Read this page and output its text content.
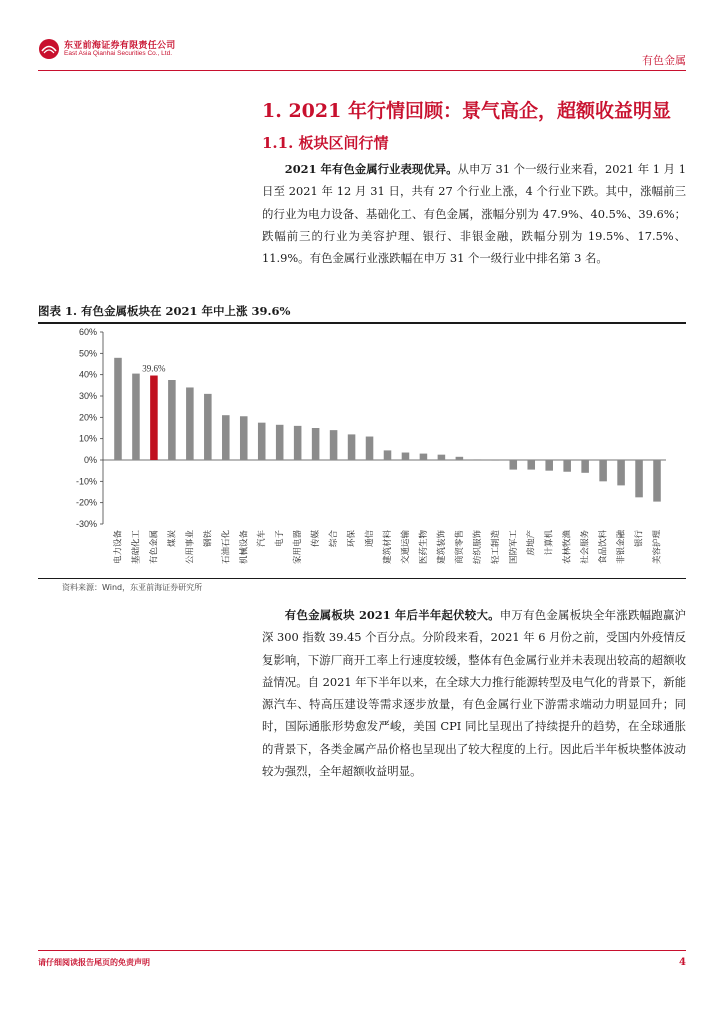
东亚前海证券有限责任公司
East Asia Qianhai Securities Co., Ltd.
有色金属
1. 2021 年行情回顾：景气高企，超额收益明显
1.1. 板块区间行情
2021 年有色金属行业表现优异。从申万 31 个一级行业来看，2021 年 1 月 1 日至 2021 年 12 月 31 日，共有 27 个行业上涨，4 个行业下跌。其中，涨幅前三的行业为电力设备、基础化工、有色金属，涨幅分别为 47.9%、40.5%、39.6%；跌幅前三的行业为美容护理、银行、非银金融，跌幅分别为 19.5%、17.5%、11.9%。有色金属行业涨跌幅在申万 31 个一级行业中排名第 3 名。
图表 1. 有色金属板块在 2021 年中上涨 39.6%
60%
50%
40%
30%
20%
10%
0%
-10%
-20%
-30%
电力设备 基础化工 有色金属 煤炭 公用事业 钢铁 石油石化 机械设备 汽车 电子 家用电器 传媒 综合 环保 通信 建筑材料 交通运输 医药生物 建筑装饰 商贸零售 纺织服饰 轻工制造 国防军工 房地产 计算机 农林牧渔 社会服务 食品饮料 非银金融 银行 美容护理
39.6%
资料来源：Wind，东亚前海证券研究所
有色金属板块 2021 年后半年起伏较大。申万有色金属板块全年涨跌幅跑赢沪深 300 指数 39.45 个百分点。分阶段来看，2021 年 6 月份之前，受国内外疫情反复影响，下游厂商开工率上行速度较缓，整体有色金属行业并未表现出较高的超额收益情况。自 2021 年下半年以来，在全球大力推行能源转型及电气化的背景下，新能源汽车、特高压建设等需求逐步放量，有色金属行业下游需求端动力明显回升；同时，国际通胀形势愈发严峻，美国 CPI 同比呈现出了持续提升的趋势，在全球通胀的背景下，各类金属产品价格也呈现出了较大程度的上行。因此后半年板块整体波动较为强烈，全年超额收益明显。
请仔细阅读报告尾页的免责声明	4
